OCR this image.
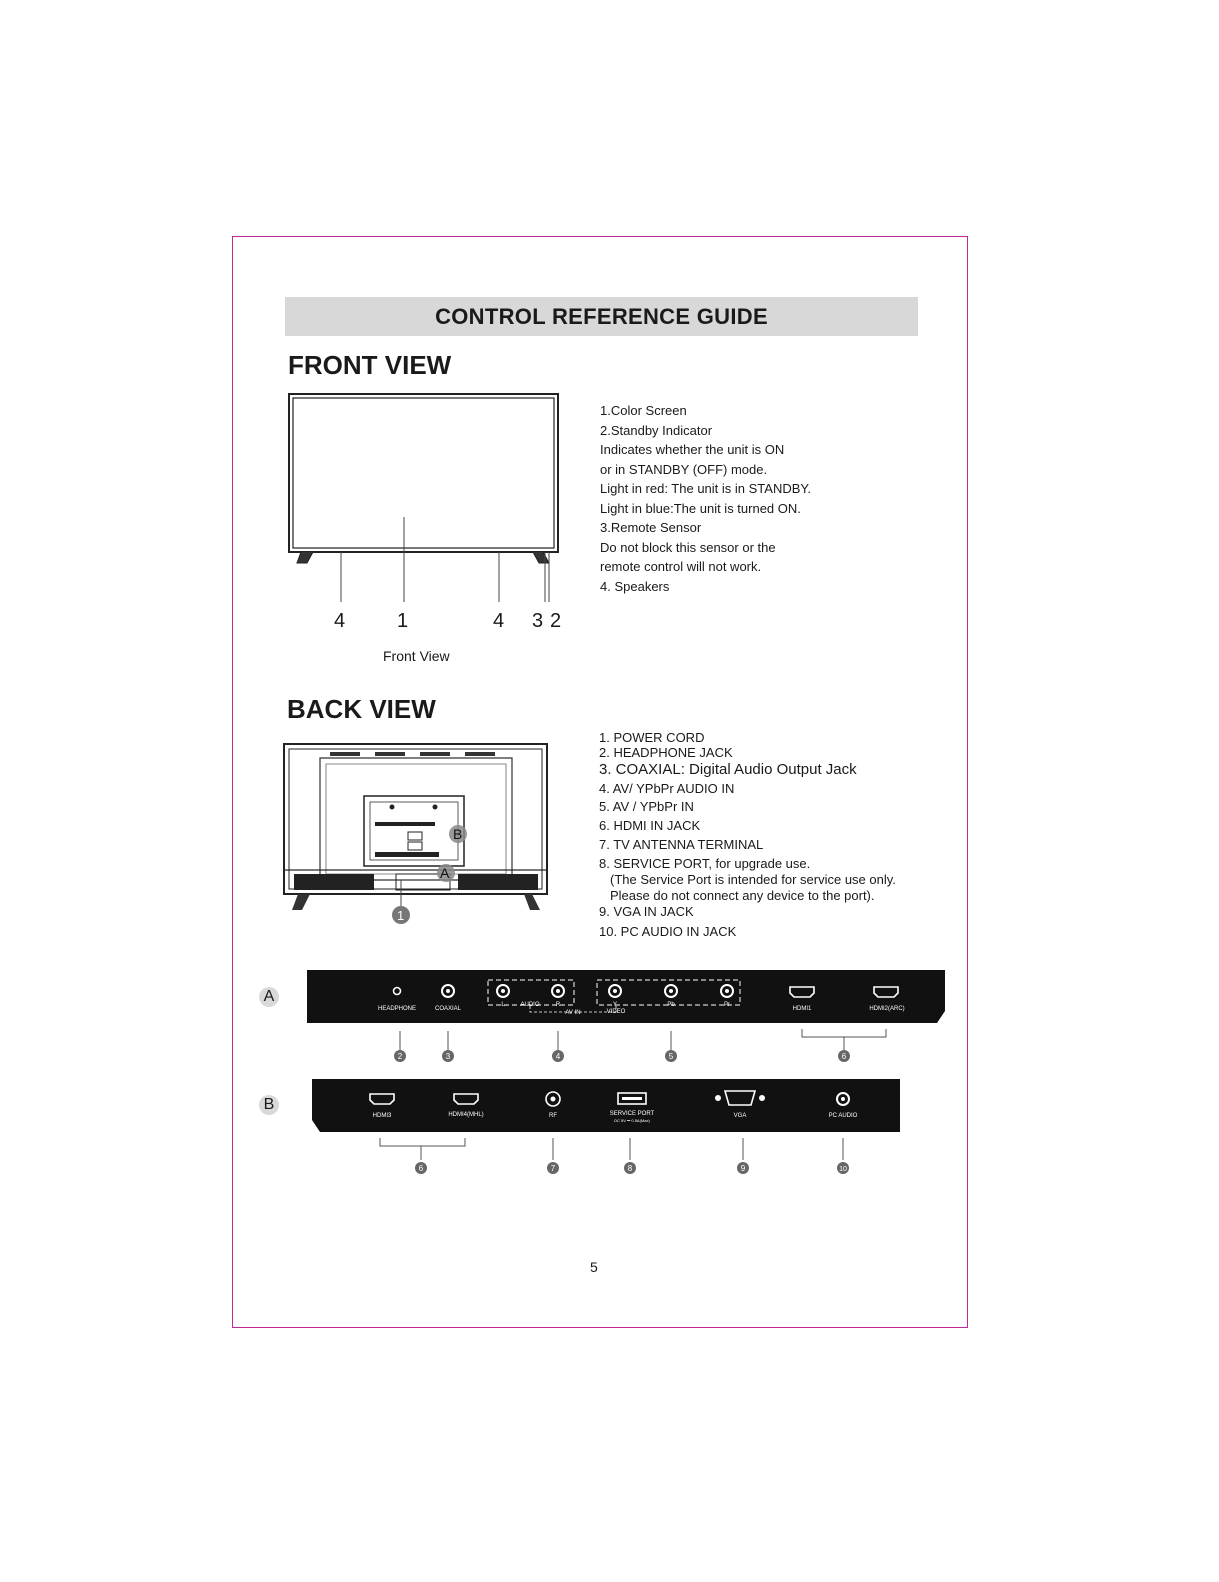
CONTROL REFERENCE GUIDE
FRONT VIEW
4	1	4 3 2
Front View
1.Color Screen
2.Standby Indicator
Indicates whether the unit is ON
or in STANDBY (OFF) mode.
Light in red: The unit is in STANDBY.
Light in blue:The unit is turned ON.
3.Remote Sensor
Do not block this sensor or the
remote control will not work.
4. Speakers
BACK VIEW
B
A
1
1. POWER CORD
2. HEADPHONE JACK
3. COAXIAL: Digital Audio Output Jack
4. AV/ YPbPr AUDIO IN
5. AV / YPbPr IN
6. HDMI IN JACK
7. TV ANTENNA TERMINAL
8. SERVICE PORT, for upgrade use.
(The Service Port is intended for service use only.
Please do not connect any device to the port).
9. VGA IN JACK
10. PC AUDIO IN JACK
A
HEADPHONE	COAXIAL
L	AUDIO	R	Y	Pb	Pr
VIDEO
AV IN
HDMI1	HDMI2(ARC)
2	3	4	5	6
B
HDMI3	HDMI4(MHL)	RF	SERVICE PORT
DC 5V ⎓ 0.5A(Max)
VGA	PC AUDIO
6	7	8	9	10
5
